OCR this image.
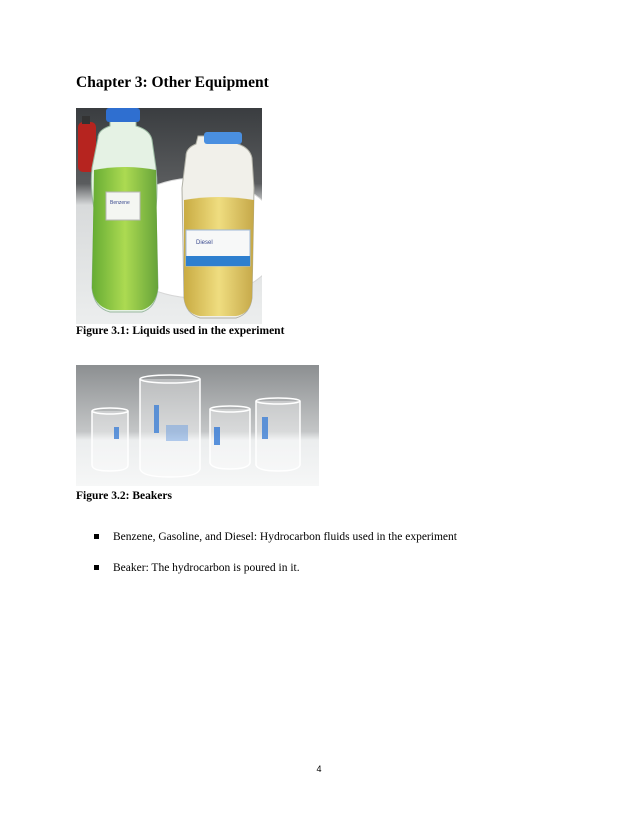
Chapter 3: Other Equipment
Benzene
Diesel

Figure 3.1: Liquids used in the experiment

Figure 3.2: Beakers

Benzene, Gasoline, and Diesel: Hydrocarbon fluids used in the experiment
Beaker: The hydrocarbon is poured in it.
4
